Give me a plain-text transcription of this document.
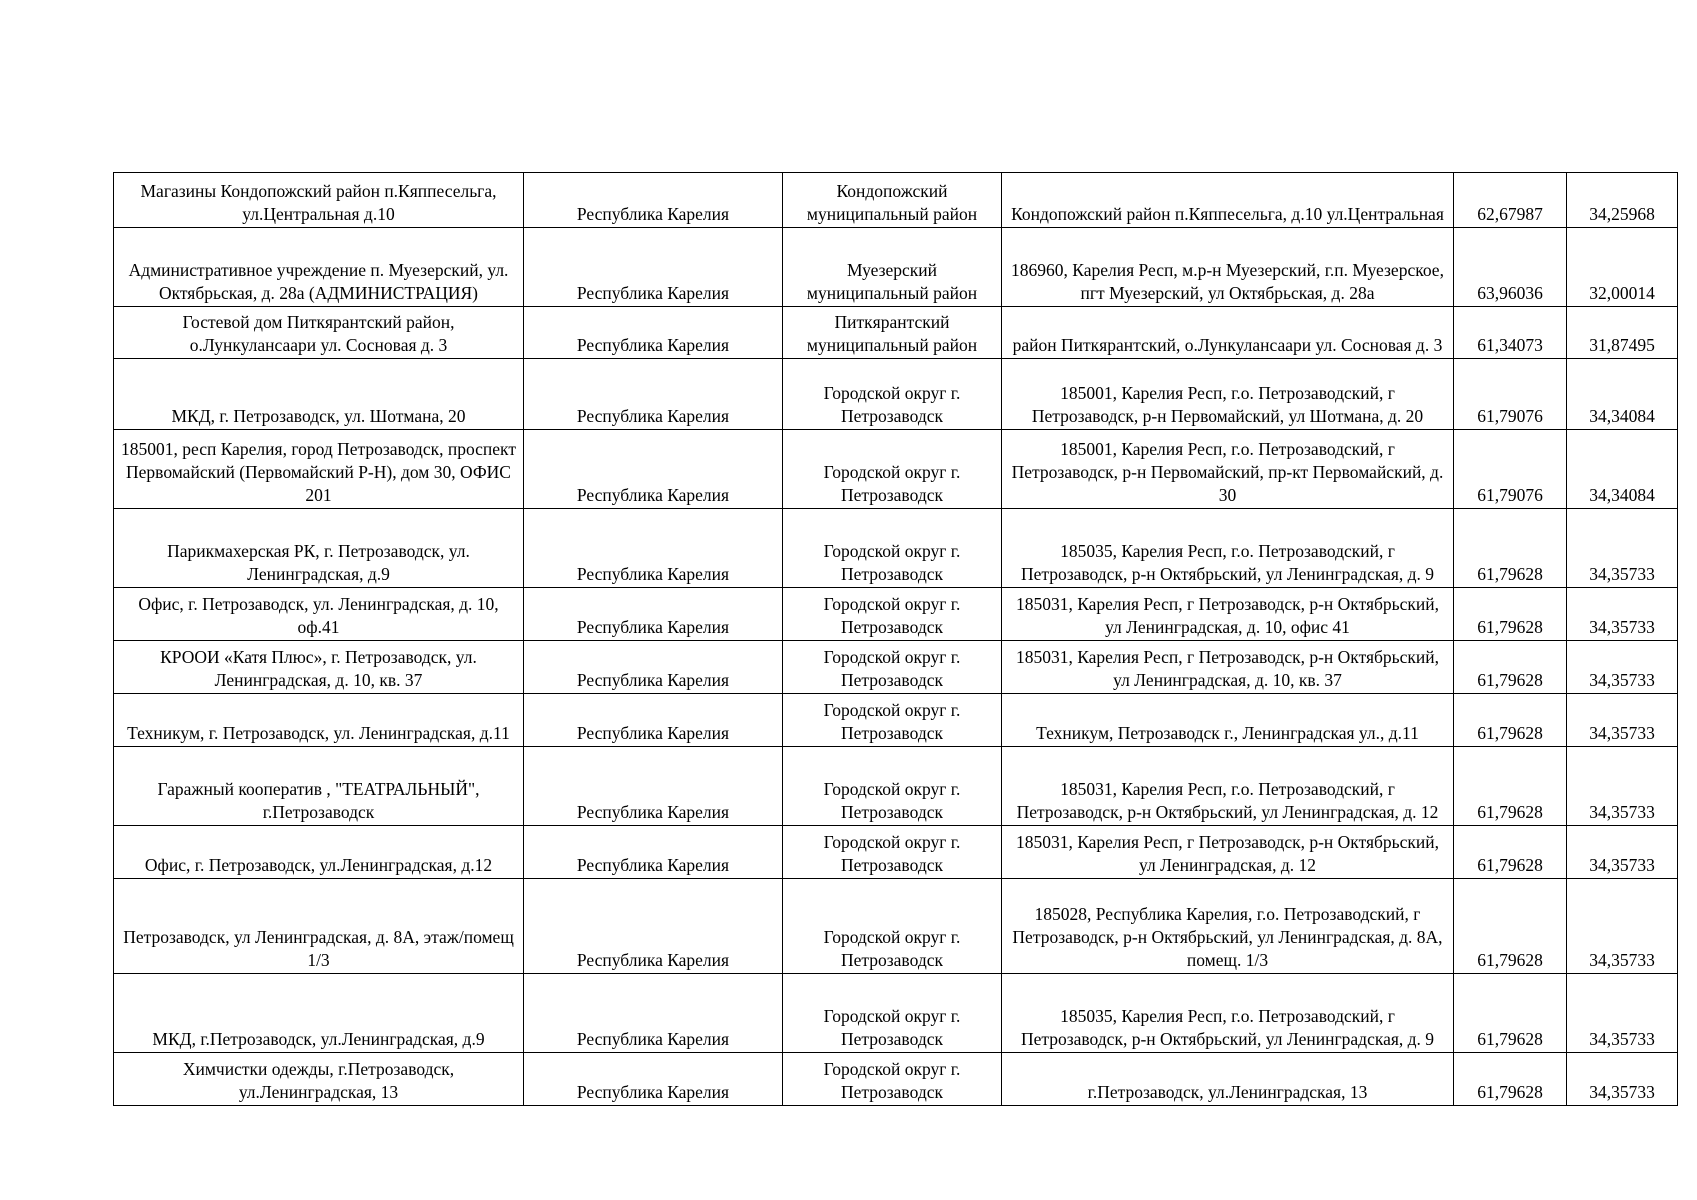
Магазины Кондопожский район п.Кяппесельга, ул.Центральная д.10	Республика Карелия	Кондопожский муниципальный район	Кондопожский район п.Кяппесельга, д.10 ул.Центральная	62,67987	34,25968
Административное учреждение п. Муезерский, ул. Октябрьская, д. 28а (АДМИНИСТРАЦИЯ)	Республика Карелия	Муезерский муниципальный район	186960, Карелия Респ, м.р-н Муезерский, г.п. Муезерское, пгт Муезерский, ул Октябрьская, д. 28а	63,96036	32,00014
Гостевой дом Питкярантский район, о.Лункулансаари ул. Сосновая д. 3	Республика Карелия	Питкярантский муниципальный район	район Питкярантский, о.Лункулансаари ул. Сосновая д. 3	61,34073	31,87495
МКД, г. Петрозаводск, ул. Шотмана, 20	Республика Карелия	Городской округ г. Петрозаводск	185001, Карелия Респ, г.о. Петрозаводский, г Петрозаводск, р-н Первомайский, ул Шотмана, д. 20	61,79076	34,34084
185001, респ Карелия, город Петрозаводск, проспект Первомайский (Первомайский Р-Н), дом 30, ОФИС 201	Республика Карелия	Городской округ г. Петрозаводск	185001, Карелия Респ, г.о. Петрозаводский, г Петрозаводск, р-н Первомайский, пр-кт Первомайский, д. 30	61,79076	34,34084
Парикмахерская РК, г. Петрозаводск, ул. Ленинградская, д.9	Республика Карелия	Городской округ г. Петрозаводск	185035, Карелия Респ, г.о. Петрозаводский, г Петрозаводск, р-н Октябрьский, ул Ленинградская, д. 9	61,79628	34,35733
Офис, г. Петрозаводск, ул. Ленинградская, д. 10, оф.41	Республика Карелия	Городской округ г. Петрозаводск	185031, Карелия Респ, г Петрозаводск, р-н Октябрьский, ул Ленинградская, д. 10, офис 41	61,79628	34,35733
КРООИ «Катя Плюс», г. Петрозаводск, ул. Ленинградская, д. 10, кв. 37	Республика Карелия	Городской округ г. Петрозаводск	185031, Карелия Респ, г Петрозаводск, р-н Октябрьский, ул Ленинградская, д. 10, кв. 37	61,79628	34,35733
Техникум, г. Петрозаводск, ул. Ленинградская, д.11	Республика Карелия	Городской округ г. Петрозаводск	Техникум, Петрозаводск г., Ленинградская ул., д.11	61,79628	34,35733
Гаражный кооператив , "ТЕАТРАЛЬНЫЙ", г.Петрозаводск	Республика Карелия	Городской округ г. Петрозаводск	185031, Карелия Респ, г.о. Петрозаводский, г Петрозаводск, р-н Октябрьский, ул Ленинградская, д. 12	61,79628	34,35733
Офис, г. Петрозаводск, ул.Ленинградская, д.12	Республика Карелия	Городской округ г. Петрозаводск	185031, Карелия Респ, г Петрозаводск, р-н Октябрьский, ул Ленинградская, д. 12	61,79628	34,35733
Петрозаводск, ул Ленинградская, д. 8А, этаж/помещ 1/3	Республика Карелия	Городской округ г. Петрозаводск	185028, Республика Карелия, г.о. Петрозаводский, г Петрозаводск, р-н Октябрьский, ул Ленинградская, д. 8А, помещ. 1/3	61,79628	34,35733
МКД, г.Петрозаводск, ул.Ленинградская, д.9	Республика Карелия	Городской округ г. Петрозаводск	185035, Карелия Респ, г.о. Петрозаводский, г Петрозаводск, р-н Октябрьский, ул Ленинградская, д. 9	61,79628	34,35733
Химчистки одежды, г.Петрозаводск, ул.Ленинградская, 13	Республика Карелия	Городской округ г. Петрозаводск	г.Петрозаводск, ул.Ленинградская, 13	61,79628	34,35733
